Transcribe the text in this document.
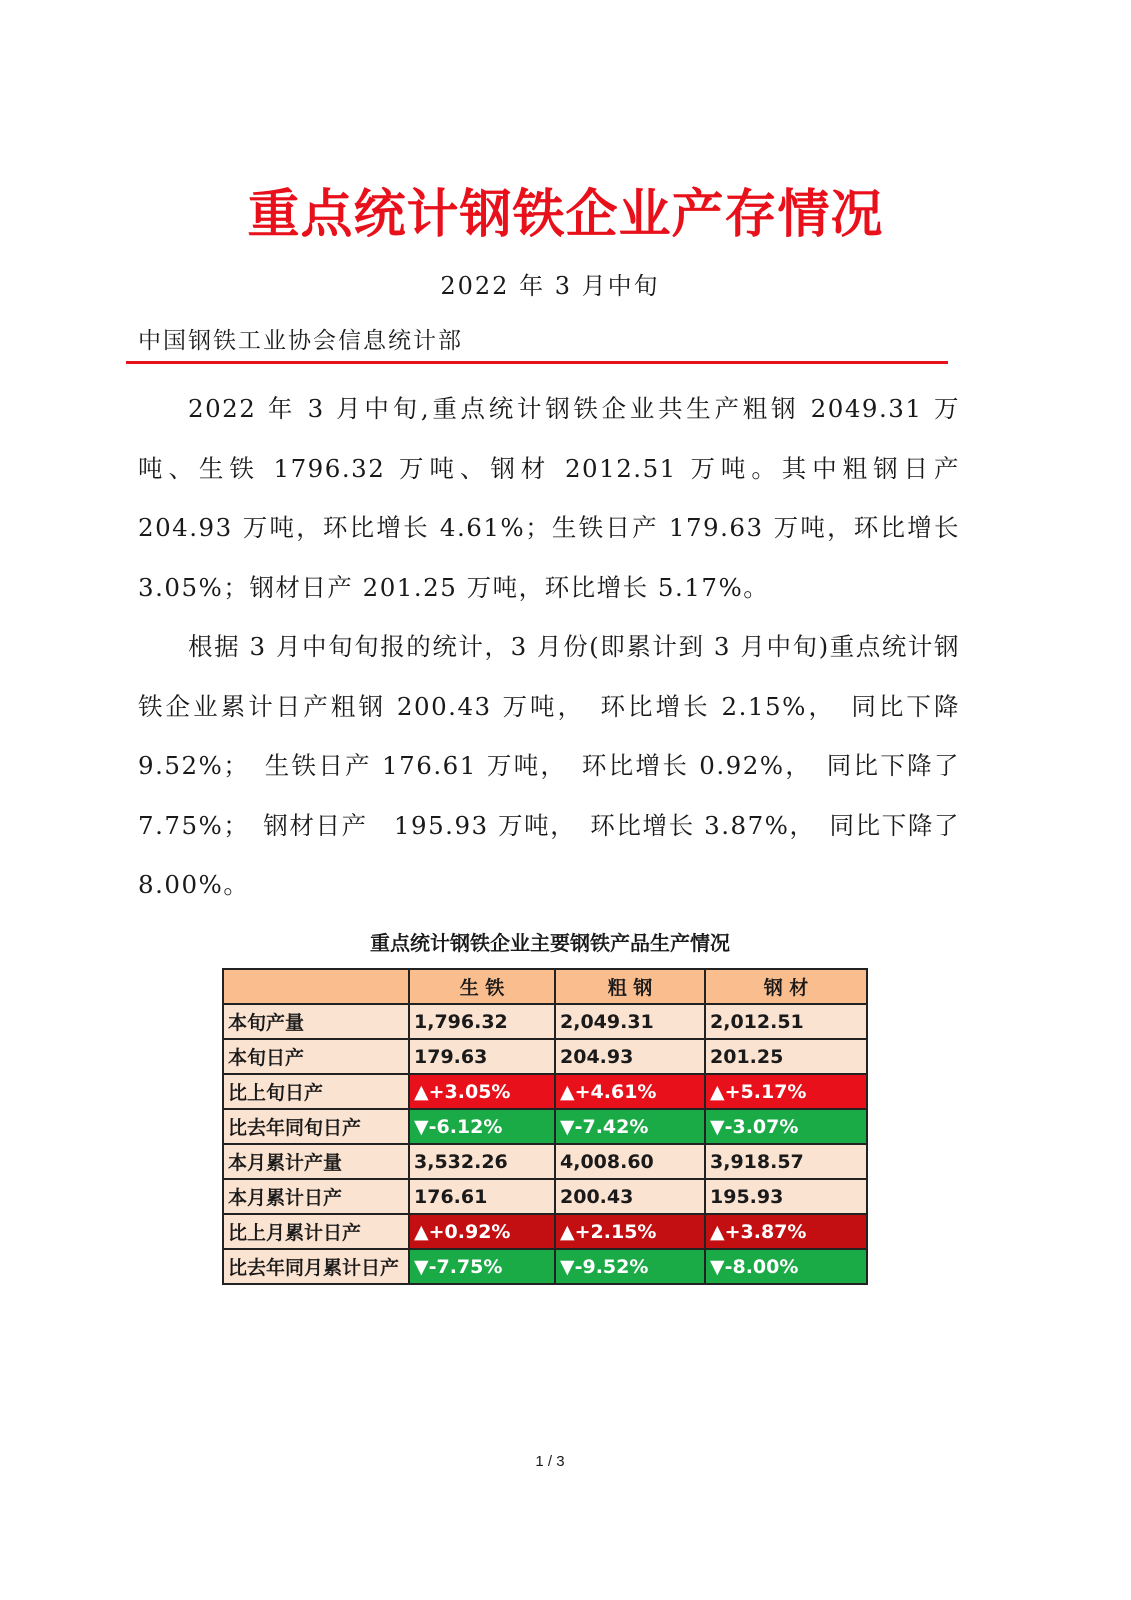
重点统计钢铁企业产存情况
2022 年 3 月中旬
中国钢铁工业协会信息统计部

2022 年 3 月中旬,重点统计钢铁企业共生产粗钢 2049.31 万吨、生铁 1796.32 万吨、钢材 2012.51 万吨。其中粗钢日产 204.93 万吨，环比增长 4.61%；生铁日产 179.63 万吨，环比增长 3.05%；钢材日产 201.25 万吨，环比增长 5.17%。

根据 3 月中旬旬报的统计，3 月份(即累计到 3 月中旬)重点统计钢铁企业累计日产粗钢 200.43 万吨，　环比增长 2.15%，　同比下降 9.52%；　生铁日产 176.61 万吨，　环比增长 0.92%，　同比下降了 7.75%；　钢材日产　195.93 万吨，　环比增长 3.87%，　同比下降了 8.00%。

重点统计钢铁企业主要钢铁产品生产情况
	生 铁	粗 钢	钢 材
本旬产量	1,796.32	2,049.31	2,012.51
本旬日产	179.63	204.93	201.25
比上旬日产	▲+3.05%	▲+4.61%	▲+5.17%
比去年同旬日产	▼-6.12%	▼-7.42%	▼-3.07%
本月累计产量	3,532.26	4,008.60	3,918.57
本月累计日产	176.61	200.43	195.93
比上月累计日产	▲+0.92%	▲+2.15%	▲+3.87%
比去年同月累计日产	▼-7.75%	▼-9.52%	▼-8.00%
1 / 3
